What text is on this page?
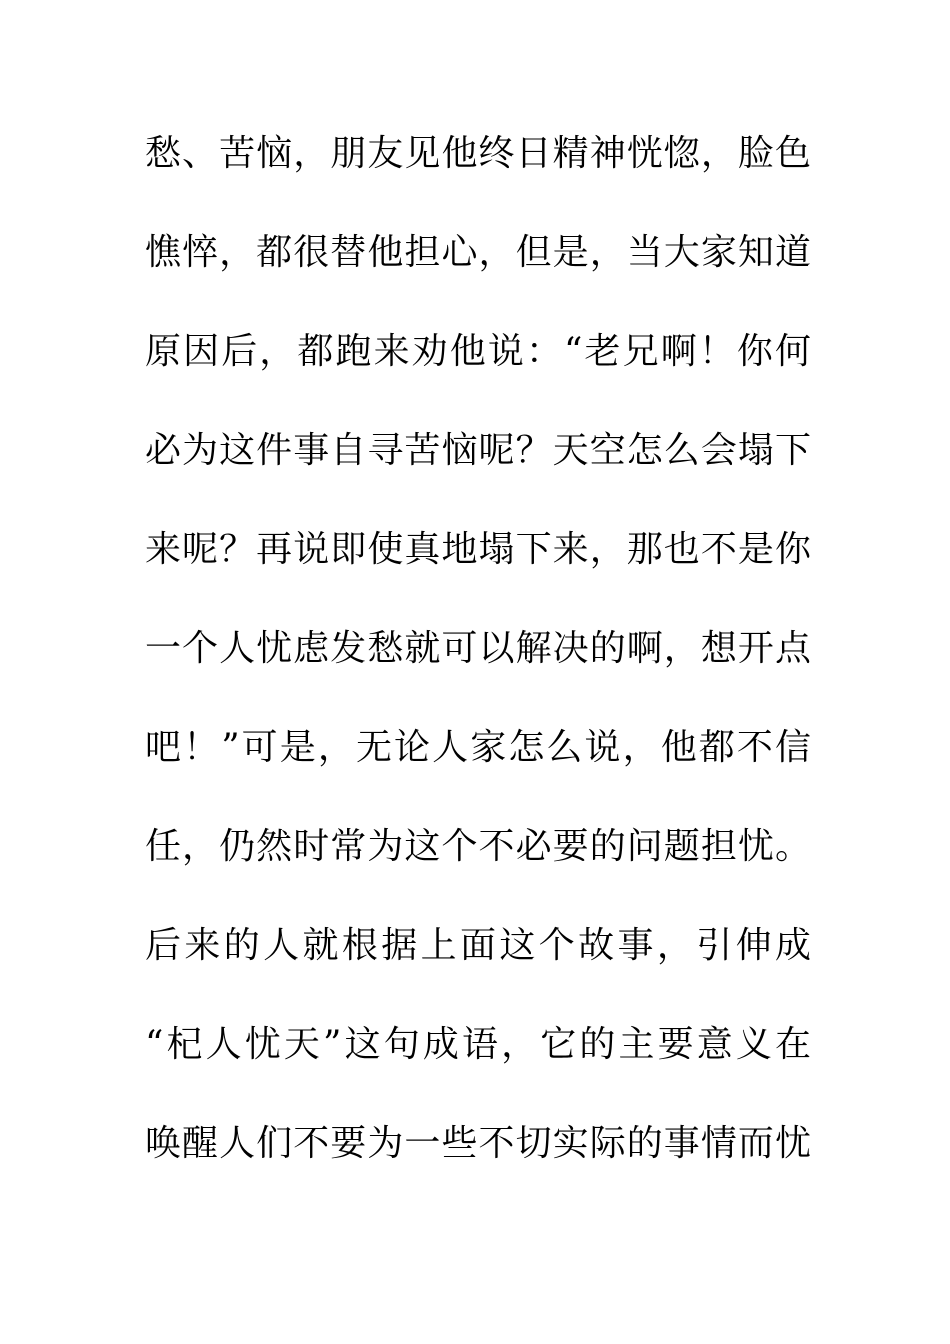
愁、苦恼，朋友见他终日精神恍惚，脸色
憔悴，都很替他担心，但是，当大家知道
原因后，都跑来劝他说：“老兄啊！你何
必为这件事自寻苦恼呢？天空怎么会塌下
来呢？再说即使真地塌下来，那也不是你
一个人忧虑发愁就可以解决的啊，想开点
吧！”可是，无论人家怎么说，他都不信
任，仍然时常为这个不必要的问题担忧。
后来的人就根据上面这个故事，引伸成
“杞人忧天”这句成语，它的主要意义在
唤醒人们不要为一些不切实际的事情而忧
